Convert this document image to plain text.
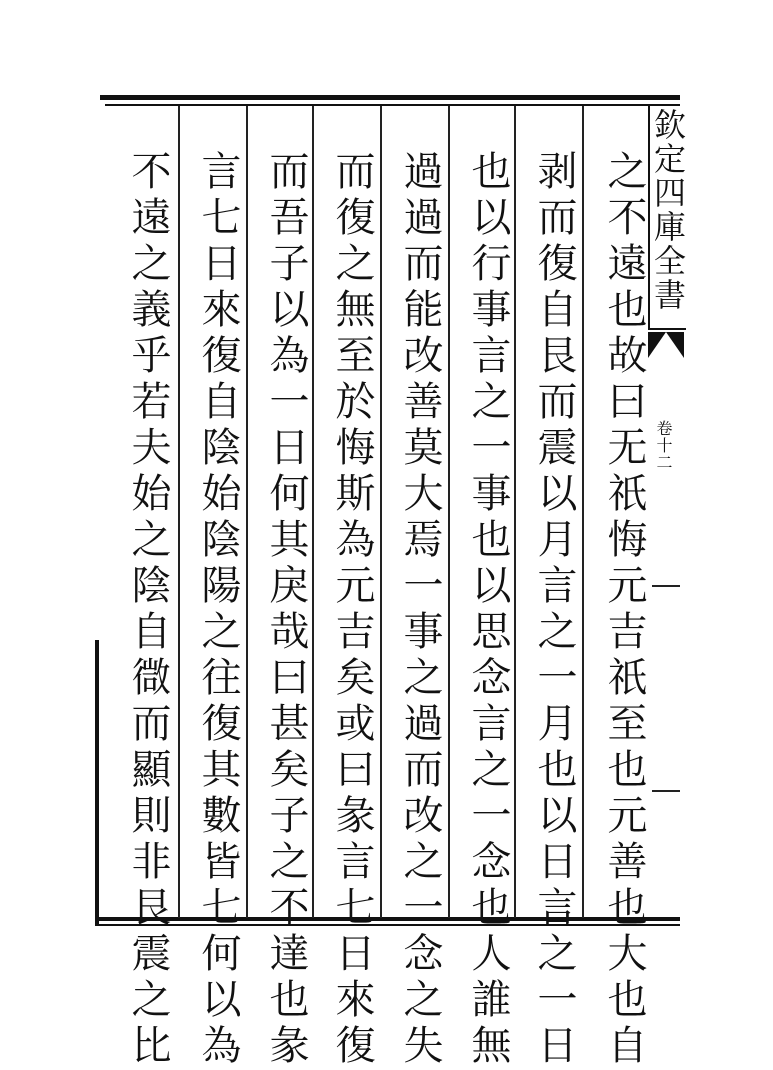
欽定四庫全書
卷十二
之不遠也故曰无祇悔元吉祇至也元善也大也自
剥而復自艮而震以月言之一月也以日言之一日
也以行事言之一事也以思念言之一念也人誰無
過過而能改善莫大焉一事之過而改之一念之失
而復之無至於悔斯為元吉矣或曰彖言七日來復
而吾子以為一日何其戾哉曰甚矣子之不達也彖
言七日來復自陰始陰陽之往復其數皆七何以為
不遠之義乎若夫始之陰自㣲而顯則非艮震之比
